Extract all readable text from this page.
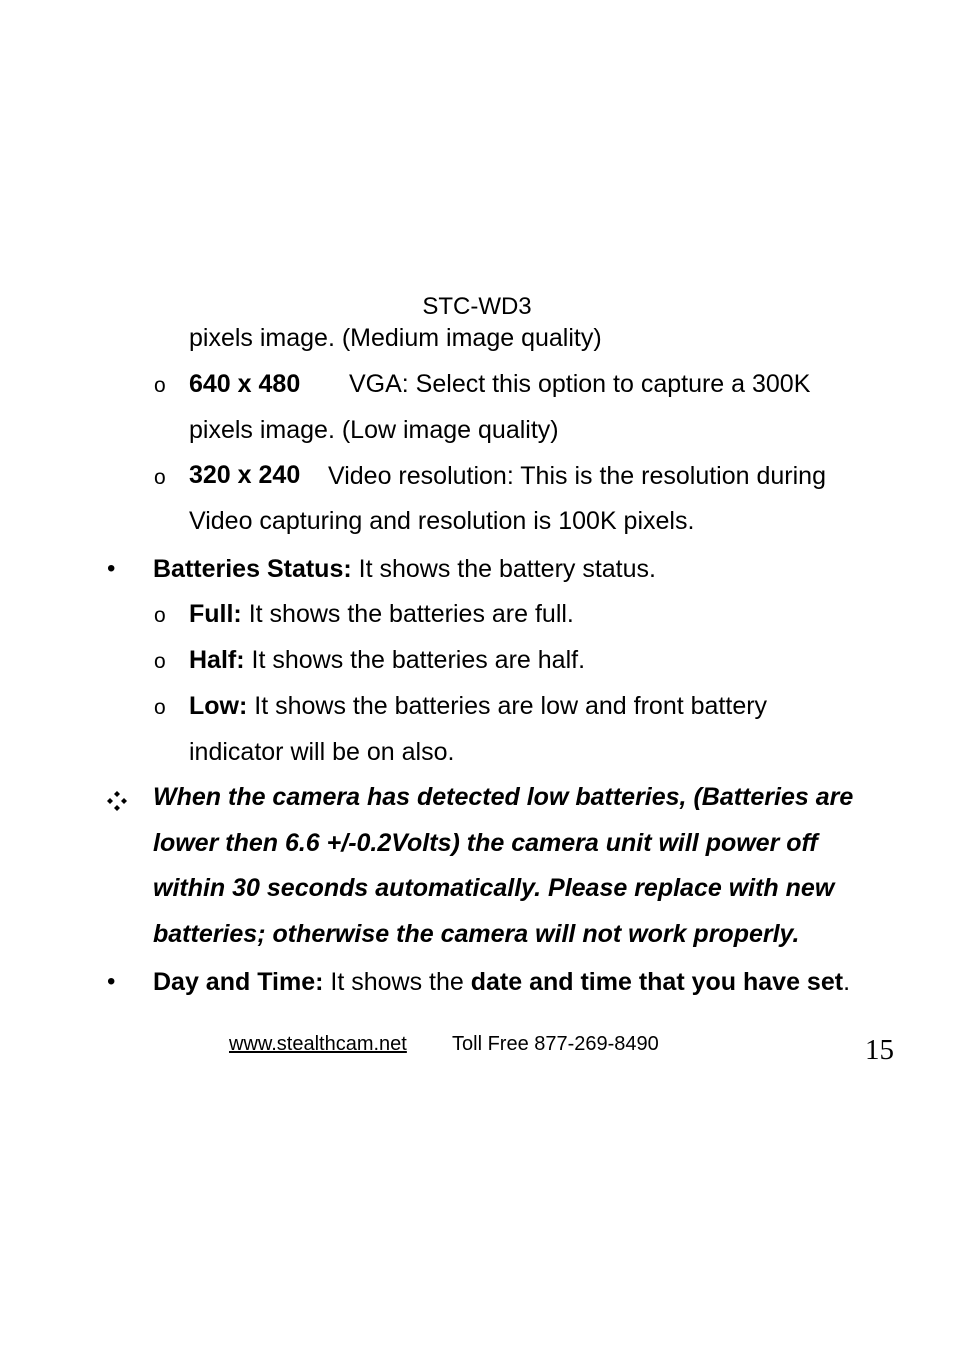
STC-WD3
pixels image. (Medium image quality)
o 640 x 480 VGA: Select this option to capture a 300K
pixels image. (Low image quality)
o 320 x 240 Video resolution: This is the resolution during
Video capturing and resolution is 100K pixels.
• Batteries Status: It shows the battery status.
o Full: It shows the batteries are full.
o Half: It shows the batteries are half.
o Low: It shows the batteries are low and front battery
indicator will be on also.
When the camera has detected low batteries, (Batteries are
lower then 6.6 +/-0.2Volts) the camera unit will power off
within 30 seconds automatically. Please replace with new
batteries; otherwise the camera will not work properly.
• Day and Time: It shows the date and time that you have set.
www.stealthcam.net Toll Free 877-269-8490	15
